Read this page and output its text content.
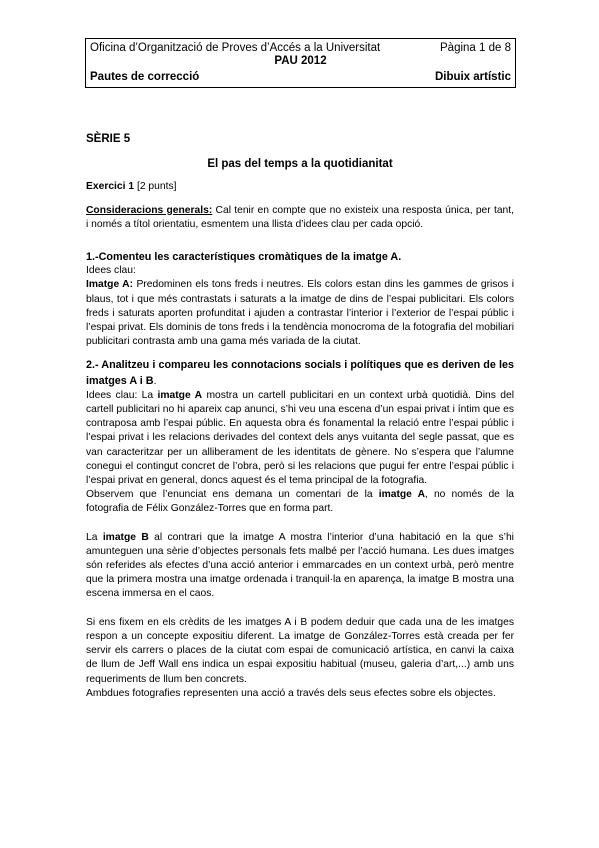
Oficina d’Organització de Proves d’Accés a la Universitat	Pàgina 1 de 8
PAU 2012
Pautes de correcció	Dibuix artístic

SÈRIE 5

El pas del temps a la quotidianitat

Exercici 1 [2 punts]

Consideracions generals: Cal tenir en compte que no existeix una resposta única, per tant, i només a títol orientatiu, esmentem una llista d’idees clau per cada opció.

1.-Comenteu les característiques cromàtiques de la imatge A.

Idees clau:

Imatge A: Predominen els tons freds i neutres. Els colors estan dins les gammes de grisos i blaus, tot i que més contrastats i saturats a la imatge de dins de l’espai publicitari. Els colors freds i saturats aporten profunditat i ajuden a contrastar l’interior i l’exterior de l’espai públic i l’espai privat. Els dominis de tons freds i la tendència monocroma de la fotografia del mobiliari publicitari contrasta amb una gama més variada de la ciutat.

2.- Analitzeu i compareu les connotacions socials i polítiques que es deriven de les imatges A i B.

Idees clau: La imatge A mostra un cartell publicitari en un context urbà quotidià. Dins del cartell publicitari no hi apareix cap anunci, s’hi veu una escena d’un espai privat i íntim que es contraposa amb l’espai públic. En aquesta obra és fonamental la relació entre l’espai públic i l’espai privat i les relacions derivades del context dels anys vuitanta del segle passat, que es van caracteritzar per un alliberament de les identitats de gènere. No s’espera que l’alumne conegui el contingut concret de l’obra, però si les relacions que pugui fer entre l’espai públic i l’espai privat en general, doncs aquest és el tema principal de la fotografia.

Observem que l’enunciat ens demana un comentari de la imatge A, no només de la fotografia de Félix González-Torres que en forma part.

La imatge B al contrari que la imatge A mostra l’interior d’una habitació en la que s’hi amunteguen una sèrie d’objectes personals fets malbé per l’acció humana. Les dues imatges són referides als efectes d’una acció anterior i emmarcades en un context urbà, però mentre que la primera mostra una imatge ordenada i tranquil·la en aparença, la imatge B mostra una escena immersa en el caos.

Si ens fixem en els crèdits de les imatges A i B podem deduir que cada una de les imatges respon a un concepte expositiu diferent. La imatge de González-Torres està creada per fer servir els carrers o places de la ciutat com espai de comunicació artística, en canvi la caixa de llum de Jeff Wall ens indica un espai expositiu habitual (museu, galeria d’art,...) amb uns requeriments de llum ben concrets.

Ambdues fotografies representen una acció a través dels seus efectes sobre els objectes.
